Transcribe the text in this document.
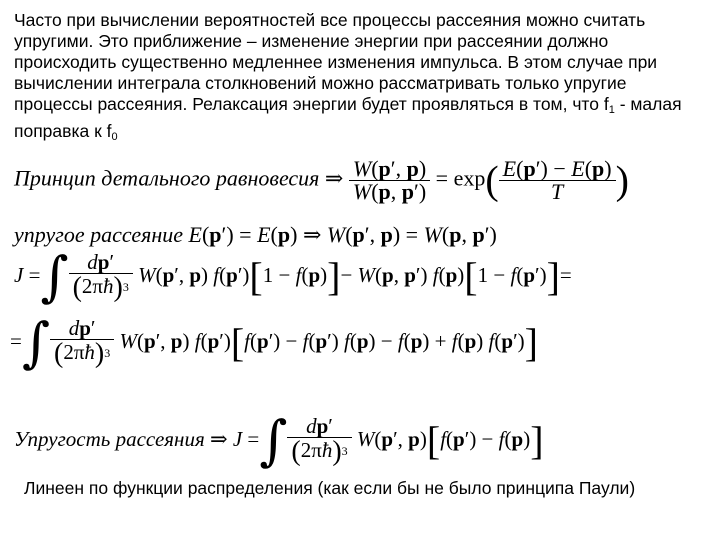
Часто при вычислении вероятностей все процессы рассеяния можно считать
упругими. Это приближение – изменение энергии при рассеянии должно
происходить существенно медленнее изменения импульса. В этом случае при
вычислении интеграла столкновений можно рассматривать только упругие
процессы рассеяния. Релаксация энергии будет проявляться в том, что $f_1$ - малая
поправка к $f_0$

Принцип детального равновесия ⇒ $\frac{W(p', p)}{W(p, p')} = \exp( \frac{E(p') - E(p)}{T}$ )
упругое рассеяние E(p′) = E(p) ⇒ W(p′, p) = W(p, p′)
J =∫ $\frac{dp'}{(2\pi ħ)3} W(p'$, p) f(p′)[1 − f(p)]− W(p, p′) f(p)[1 − f(p′)]=
=∫ $\frac{dp'}{(2\pi ħ)3} W(p'$, p) f(p′)[f(p′) − f(p′) f(p) − f(p) + f(p) f(p′)]
Упругость рассеяния ⇒ J =∫ $\frac{dp'}{(2\pi ħ)3} W(p'$, p)[f(p′) − f(p)]
Линеен по функции распределения (как если бы не было принципа Паули)
